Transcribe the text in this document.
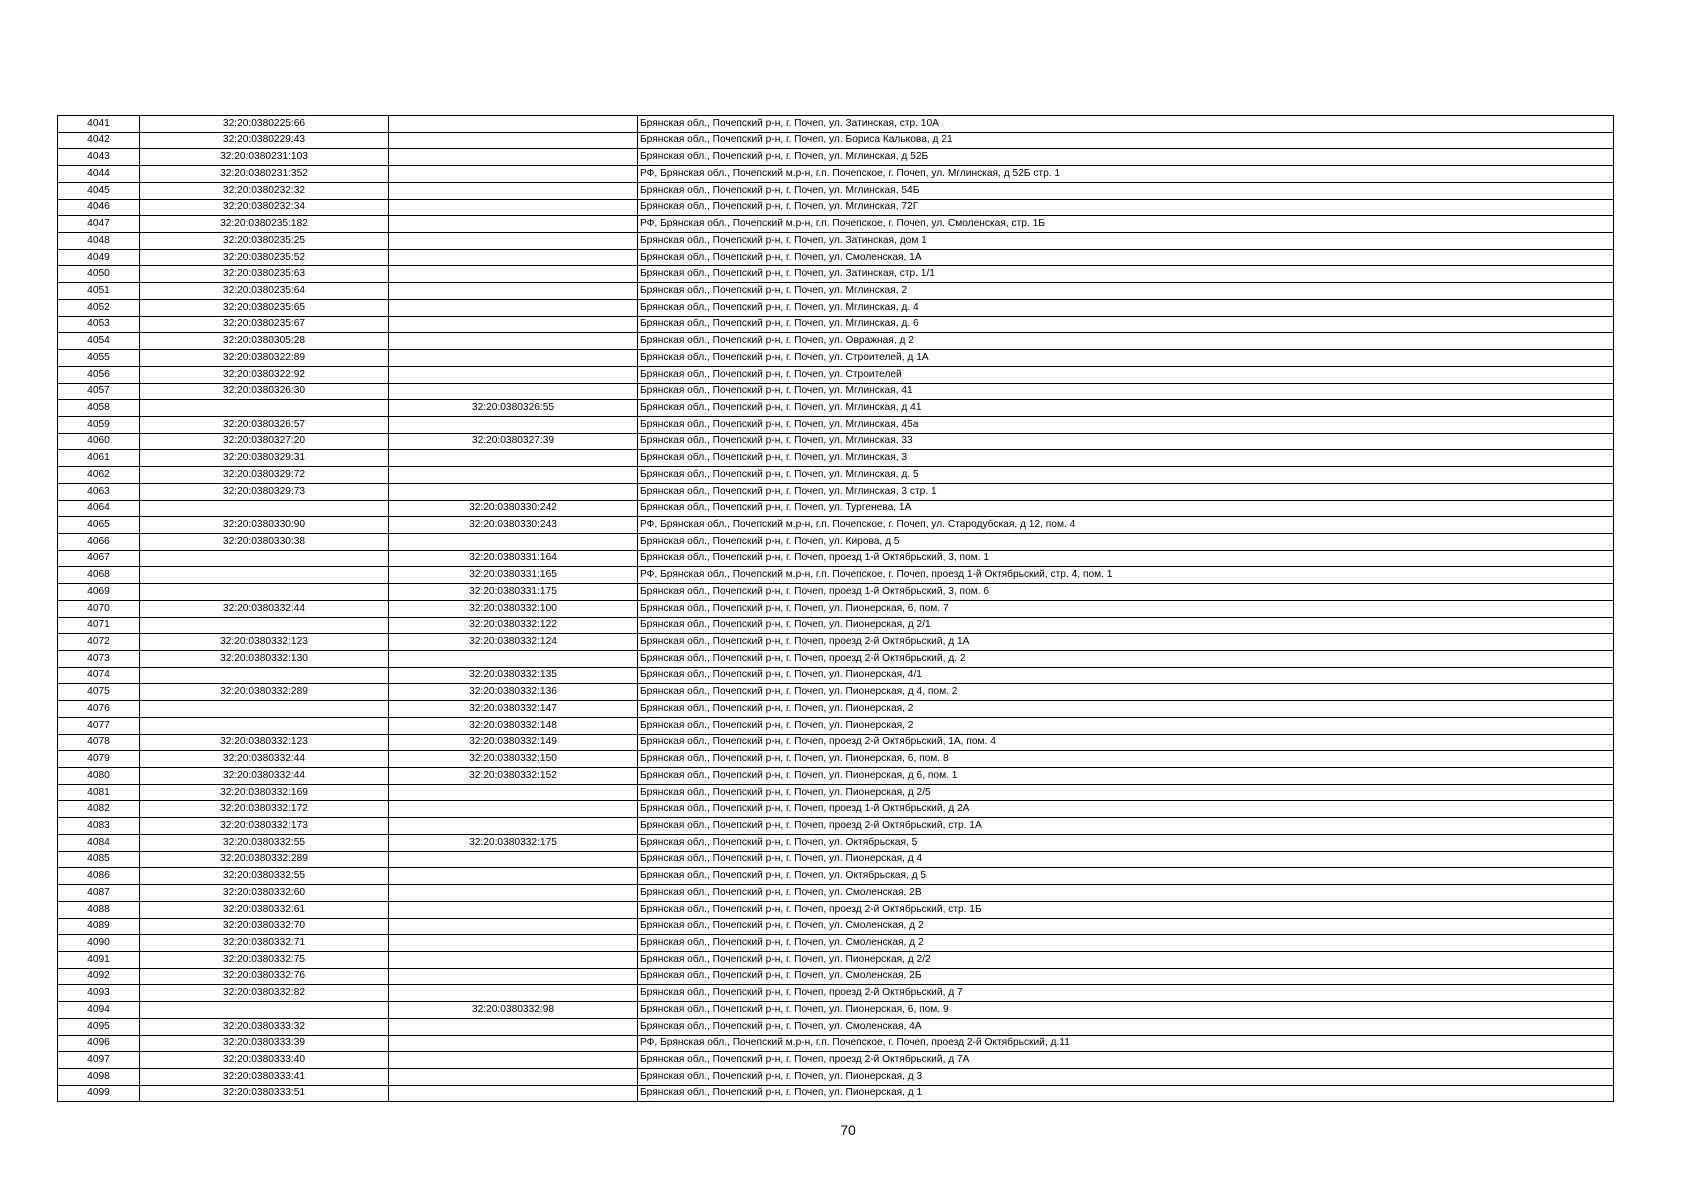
4041	32:20:0380225:66		Брянская обл., Почепский р-н, г. Почеп, ул. Затинская, стр. 10А
4042	32:20:0380229:43		Брянская обл., Почепский р-н, г. Почеп, ул. Бориса Калькова, д 21
4043	32:20:0380231:103		Брянская обл., Почепский р-н, г. Почеп, ул. Мглинская, д 52Б
4044	32:20:0380231:352		РФ, Брянская обл., Почепский м.р-н, г.п. Почепское, г. Почеп, ул. Мглинская, д 52Б стр. 1
4045	32:20:0380232:32		Брянская обл., Почепский р-н, г. Почеп, ул. Мглинская, 54Б
4046	32:20:0380232:34		Брянская обл., Почепский р-н, г. Почеп, ул. Мглинская, 72Г
4047	32:20:0380235:182		РФ, Брянская обл., Почепский м.р-н, г.п. Почепское, г. Почеп, ул. Смоленская, стр. 1Б
4048	32:20:0380235:25		Брянская обл., Почепский р-н, г. Почеп, ул. Затинская, дом 1
4049	32:20:0380235:52		Брянская обл., Почепский р-н, г. Почеп, ул. Смоленская, 1А
4050	32:20:0380235:63		Брянская обл., Почепский р-н, г. Почеп, ул. Затинская, стр. 1/1
4051	32:20:0380235:64		Брянская обл., Почепский р-н, г. Почеп, ул. Мглинская, 2
4052	32:20:0380235:65		Брянская обл., Почепский р-н, г. Почеп, ул. Мглинская, д. 4
4053	32:20:0380235:67		Брянская обл., Почепский р-н, г. Почеп, ул. Мглинская, д. 6
4054	32:20:0380305:28		Брянская обл., Почепский р-н, г. Почеп, ул. Овражная, д 2
4055	32:20:0380322:89		Брянская обл., Почепский р-н, г. Почеп, ул. Строителей, д 1А
4056	32:20:0380322:92		Брянская обл., Почепский р-н, г. Почеп, ул. Строителей
4057	32:20:0380326:30		Брянская обл., Почепский р-н, г. Почеп, ул. Мглинская, 41
4058		32:20:0380326:55	Брянская обл., Почепский р-н, г. Почеп, ул. Мглинская, д 41
4059	32:20:0380326:57		Брянская обл., Почепский р-н, г. Почеп, ул. Мглинская, 45а
4060	32:20:0380327:20	32:20:0380327:39	Брянская обл., Почепский р-н, г. Почеп, ул. Мглинская, 33
4061	32:20:0380329:31		Брянская обл., Почепский р-н, г. Почеп, ул. Мглинская, 3
4062	32:20:0380329:72		Брянская обл., Почепский р-н, г. Почеп, ул. Мглинская, д. 5
4063	32:20:0380329:73		Брянская обл., Почепский р-н, г. Почеп, ул. Мглинская, 3 стр. 1
4064		32:20:0380330:242	Брянская обл., Почепский р-н, г. Почеп, ул. Тургенева, 1А
4065	32:20:0380330:90	32:20:0380330:243	РФ, Брянская обл., Почепский м.р-н, г.п. Почепское, г. Почеп, ул. Стародубская, д 12, пом. 4
4066	32:20:0380330:38		Брянская обл., Почепский р-н, г. Почеп, ул. Кирова, д 5
4067		32:20:0380331:164	Брянская обл., Почепский р-н, г. Почеп, проезд 1-й Октябрьский, 3, пом. 1
4068		32:20:0380331:165	РФ, Брянская обл., Почепский м.р-н, г.п. Почепское, г. Почеп, проезд 1-й Октябрьский, стр. 4, пом. 1
4069		32:20:0380331:175	Брянская обл., Почепский р-н, г. Почеп, проезд 1-й Октябрьский, 3, пом. 6
4070	32:20:0380332:44	32:20:0380332:100	Брянская обл., Почепский р-н, г. Почеп, ул. Пионерская, 6, пом. 7
4071		32:20:0380332:122	Брянская обл., Почепский р-н, г. Почеп, ул. Пионерская, д 2/1
4072	32:20:0380332:123	32:20:0380332:124	Брянская обл., Почепский р-н, г. Почеп, проезд 2-й Октябрьский, д 1А
4073	32:20:0380332:130		Брянская обл., Почепский р-н, г. Почеп, проезд 2-й Октябрьский, д. 2
4074		32:20:0380332:135	Брянская обл., Почепский р-н, г. Почеп, ул. Пионерская, 4/1
4075	32:20:0380332:289	32:20:0380332:136	Брянская обл., Почепский р-н, г. Почеп, ул. Пионерская, д 4, пом. 2
4076		32:20:0380332:147	Брянская обл., Почепский р-н, г. Почеп, ул. Пионерская, 2
4077		32:20:0380332:148	Брянская обл., Почепский р-н, г. Почеп, ул. Пионерская, 2
4078	32:20:0380332:123	32:20:0380332:149	Брянская обл., Почепский р-н, г. Почеп, проезд 2-й Октябрьский, 1А, пом. 4
4079	32:20:0380332:44	32:20:0380332:150	Брянская обл., Почепский р-н, г. Почеп, ул. Пионерская, 6, пом. 8
4080	32:20:0380332:44	32:20:0380332:152	Брянская обл., Почепский р-н, г. Почеп, ул. Пионерская, д 6, пом. 1
4081	32:20:0380332:169		Брянская обл., Почепский р-н, г. Почеп, ул. Пионерская, д 2/5
4082	32:20:0380332:172		Брянская обл., Почепский р-н, г. Почеп, проезд 1-й Октябрьский, д 2А
4083	32:20:0380332:173		Брянская обл., Почепский р-н, г. Почеп, проезд 2-й Октябрьский, стр. 1А
4084	32:20:0380332:55	32:20:0380332:175	Брянская обл., Почепский р-н, г. Почеп, ул. Октябрьская, 5
4085	32:20:0380332:289		Брянская обл., Почепский р-н, г. Почеп, ул. Пионерская, д 4
4086	32:20:0380332:55		Брянская обл., Почепский р-н, г. Почеп, ул. Октябрьская, д 5
4087	32:20:0380332:60		Брянская обл., Почепский р-н, г. Почеп, ул. Смоленская, 2В
4088	32:20:0380332:61		Брянская обл., Почепский р-н, г. Почеп, проезд 2-й Октябрьский, стр. 1Б
4089	32:20:0380332:70		Брянская обл., Почепский р-н, г. Почеп, ул. Смоленская, д 2
4090	32:20:0380332:71		Брянская обл., Почепский р-н, г. Почеп, ул. Смоленская, д 2
4091	32:20:0380332:75		Брянская обл., Почепский р-н, г. Почеп, ул. Пионерская, д 2/2
4092	32:20:0380332:76		Брянская обл., Почепский р-н, г. Почеп, ул. Смоленская, 2Б
4093	32:20:0380332:82		Брянская обл., Почепский р-н, г. Почеп, проезд 2-й Октябрьский, д 7
4094		32:20:0380332:98	Брянская обл., Почепский р-н, г. Почеп, ул. Пионерская, 6, пом. 9
4095	32:20:0380333:32		Брянская обл., Почепский р-н, г. Почеп, ул. Смоленская, 4А
4096	32:20:0380333:39		РФ, Брянская обл., Почепский м.р-н, г.п. Почепское, г. Почеп, проезд 2-й Октябрьский, д.11
4097	32:20:0380333:40		Брянская обл., Почепский р-н, г. Почеп, проезд 2-й Октябрьский, д 7А
4098	32:20:0380333:41		Брянская обл., Почепский р-н, г. Почеп, ул. Пионерская, д 3
4099	32:20:0380333:51		Брянская обл., Почепский р-н, г. Почеп, ул. Пионерская, д 1
70
